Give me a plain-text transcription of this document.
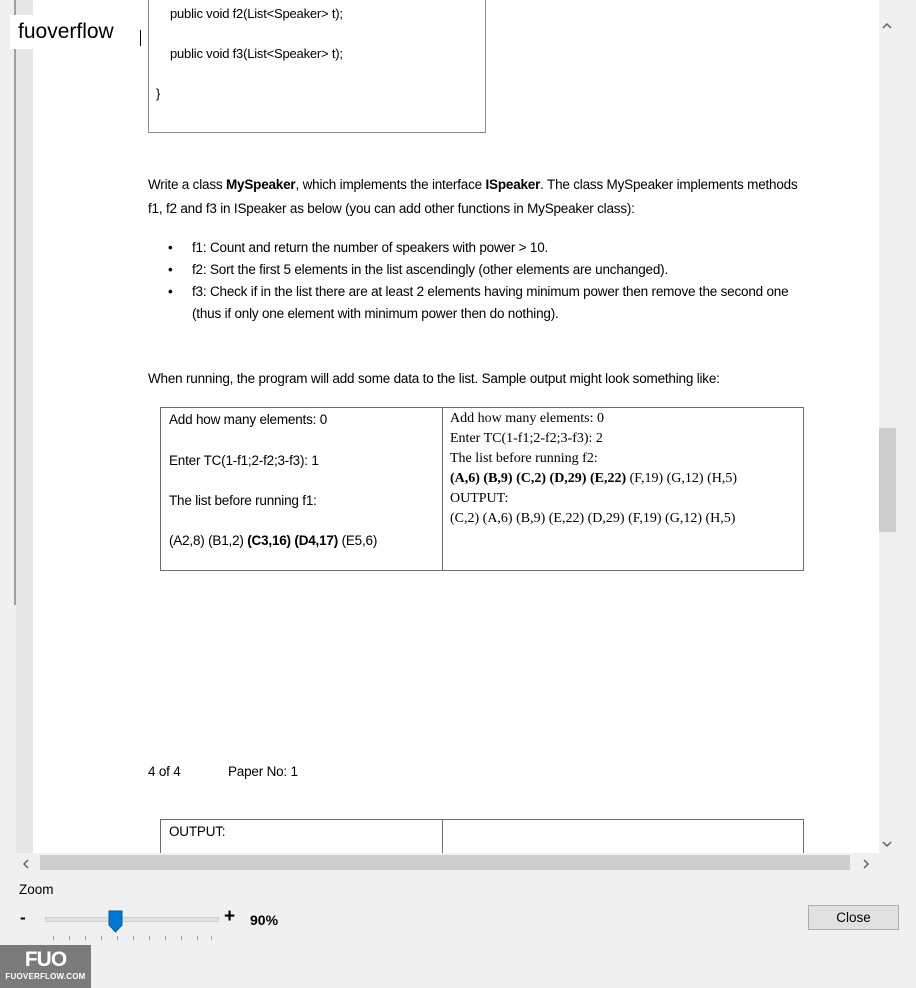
public void f2(List<Speaker> t);
public void f3(List<Speaker> t);
}
Write a class MySpeaker, which implements the interface ISpeaker. The class MySpeaker implements methods f1, f2 and f3 in ISpeaker as below (you can add other functions in MySpeaker class):

• f1: Count and return the number of speakers with power > 10.

• f2: Sort the first 5 elements in the list ascendingly (other elements are unchanged).

• f3: Check if in the list there are at least 2 elements having minimum power then remove the second one (thus if only one element with minimum power then do nothing).

When running, the program will add some data to the list. Sample output might look something like:
Add how many elements: 0
Enter TC(1-f1;2-f2;3-f3): 1
The list before running f1:
(A2,8) (B1,2) (C3,16) (D4,17) (E5,6)
Add how many elements: 0
Enter TC(1-f1;2-f2;3-f3): 2
The list before running f2:
(A,6) (B,9) (C,2) (D,29) (E,22) (F,19) (G,12) (H,5)
OUTPUT:
(C,2) (A,6) (B,9) (E,22) (D,29) (F,19) (G,12) (H,5)
4 of 4	Paper No: 1
OUTPUT:
fuoverflow
Zoom
-	+ 90%	Close
FUO
FUOVERFLOW.COM
